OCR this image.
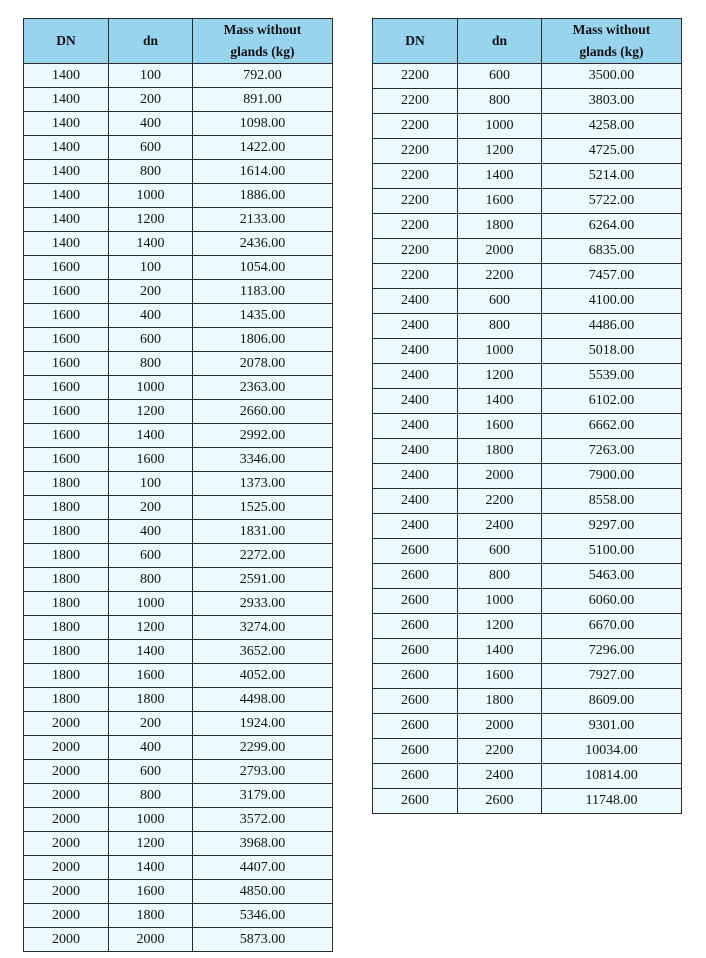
DN	dn	Mass without
glands (kg)
1400	100	792.00
1400	200	891.00
1400	400	1098.00
1400	600	1422.00
1400	800	1614.00
1400	1000	1886.00
1400	1200	2133.00
1400	1400	2436.00
1600	100	1054.00
1600	200	1183.00
1600	400	1435.00
1600	600	1806.00
1600	800	2078.00
1600	1000	2363.00
1600	1200	2660.00
1600	1400	2992.00
1600	1600	3346.00
1800	100	1373.00
1800	200	1525.00
1800	400	1831.00
1800	600	2272.00
1800	800	2591.00
1800	1000	2933.00
1800	1200	3274.00
1800	1400	3652.00
1800	1600	4052.00
1800	1800	4498.00
2000	200	1924.00
2000	400	2299.00
2000	600	2793.00
2000	800	3179.00
2000	1000	3572.00
2000	1200	3968.00
2000	1400	4407.00
2000	1600	4850.00
2000	1800	5346.00
2000	2000	5873.00
DN	dn	Mass without
glands (kg)
2200	600	3500.00
2200	800	3803.00
2200	1000	4258.00
2200	1200	4725.00
2200	1400	5214.00
2200	1600	5722.00
2200	1800	6264.00
2200	2000	6835.00
2200	2200	7457.00
2400	600	4100.00
2400	800	4486.00
2400	1000	5018.00
2400	1200	5539.00
2400	1400	6102.00
2400	1600	6662.00
2400	1800	7263.00
2400	2000	7900.00
2400	2200	8558.00
2400	2400	9297.00
2600	600	5100.00
2600	800	5463.00
2600	1000	6060.00
2600	1200	6670.00
2600	1400	7296.00
2600	1600	7927.00
2600	1800	8609.00
2600	2000	9301.00
2600	2200	10034.00
2600	2400	10814.00
2600	2600	11748.00
